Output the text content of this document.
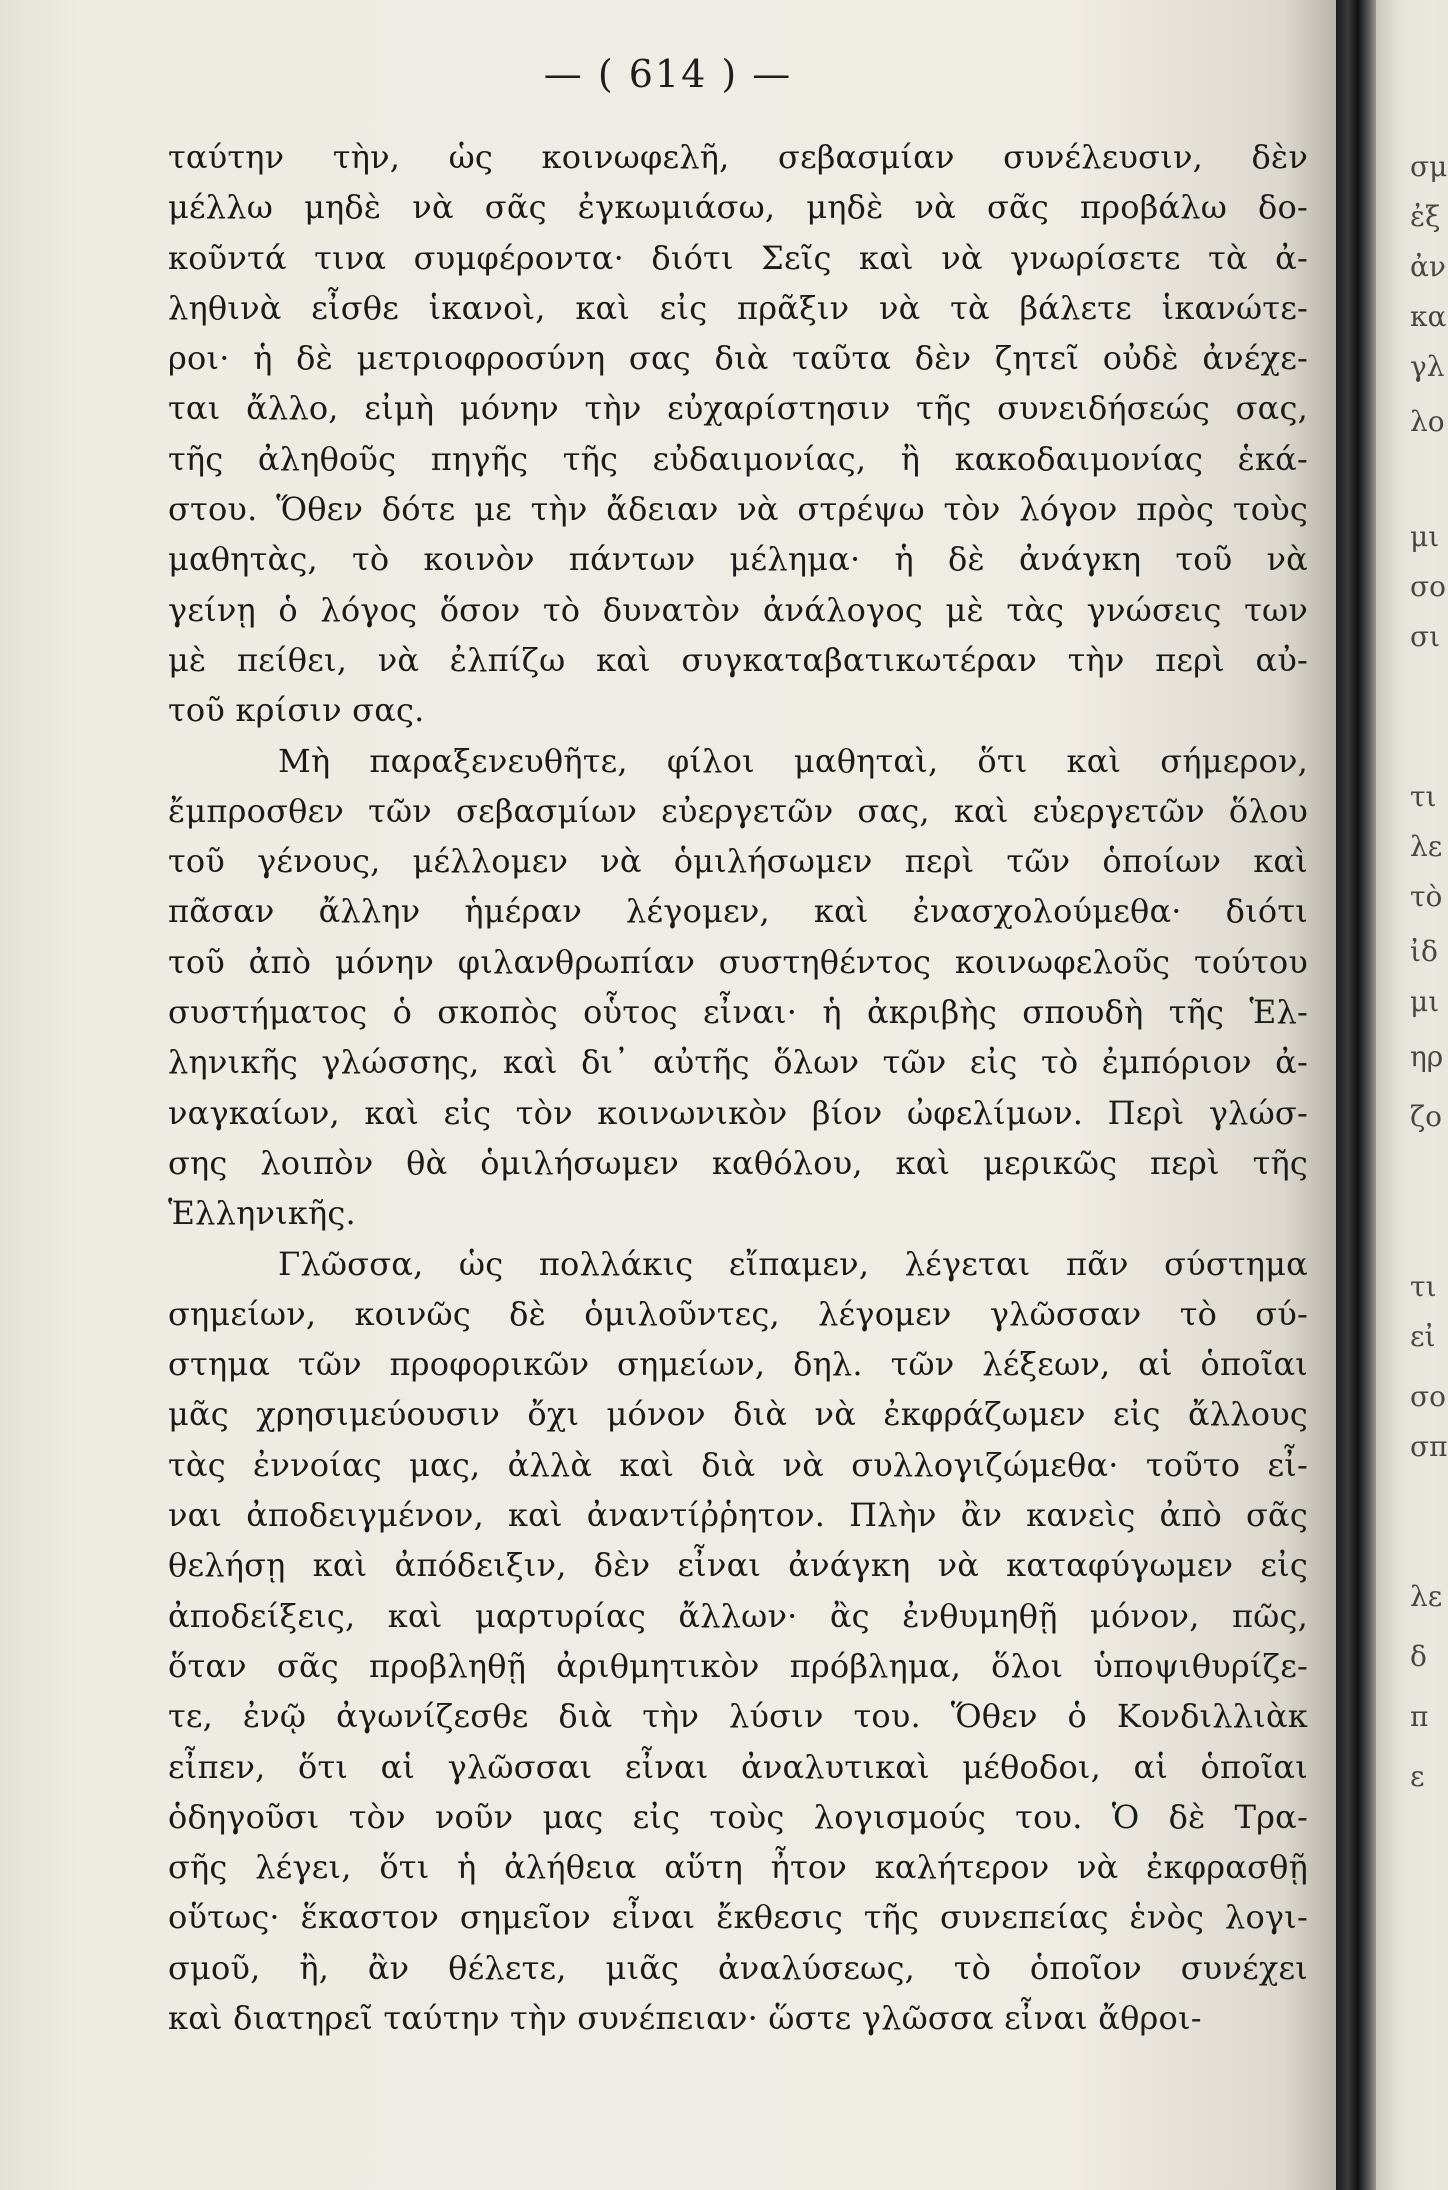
— ( 614 ) —
ταύτην τὴν, ὡς κοινωφελῆ, σεβασμίαν συνέλευσιν, δὲν
μέλλω μηδὲ νὰ σᾶς ἐγκωμιάσω, μηδὲ νὰ σᾶς προβάλω δο-
κοῦντά τινα συμφέροντα· διότι Σεῖς καὶ νὰ γνωρίσετε τὰ ἀ-
ληθινὰ εἶσθε ἱκανοὶ, καὶ εἰς πρᾶξιν νὰ τὰ βάλετε ἱκανώτε-
ροι· ἡ δὲ μετριοφροσύνη σας διὰ ταῦτα δὲν ζητεῖ οὐδὲ ἀνέχε-
ται ἄλλο, εἰμὴ μόνην τὴν εὐχαρίστησιν τῆς συνειδήσεώς σας,
τῆς ἀληθοῦς πηγῆς τῆς εὐδαιμονίας, ἢ κακοδαιμονίας ἑκά-
στου. Ὅθεν δότε με τὴν ἄδειαν νὰ στρέψω τὸν λόγον πρὸς τοὺς
μαθητὰς, τὸ κοινὸν πάντων μέλημα· ἡ δὲ ἀνάγκη τοῦ νὰ
γείνῃ ὁ λόγος ὅσον τὸ δυνατὸν ἀνάλογος μὲ τὰς γνώσεις των
μὲ πείθει, νὰ ἐλπίζω καὶ συγκαταβατικωτέραν τὴν περὶ αὐ-
τοῦ κρίσιν σας.
Μὴ παραξενευθῆτε, φίλοι μαθηταὶ, ὅτι καὶ σήμερον,
ἔμπροσθεν τῶν σεβασμίων εὐεργετῶν σας, καὶ εὐεργετῶν ὅλου
τοῦ γένους, μέλλομεν νὰ ὁμιλήσωμεν περὶ τῶν ὁποίων καὶ
πᾶσαν ἄλλην ἡμέραν λέγομεν, καὶ ἐνασχολούμεθα· διότι
τοῦ ἀπὸ μόνην φιλανθρωπίαν συστηθέντος κοινωφελοῦς τούτου
συστήματος ὁ σκοπὸς οὗτος εἶναι· ἡ ἀκριβὴς σπουδὴ τῆς Ἑλ-
ληνικῆς γλώσσης, καὶ δι᾽ αὐτῆς ὅλων τῶν εἰς τὸ ἐμπόριον ἀ-
ναγκαίων, καὶ εἰς τὸν κοινωνικὸν βίον ὠφελίμων. Περὶ γλώσ-
σης λοιπὸν θὰ ὁμιλήσωμεν καθόλου, καὶ μερικῶς περὶ τῆς
Ἑλληνικῆς.
Γλῶσσα, ὡς πολλάκις εἴπαμεν, λέγεται πᾶν σύστημα
σημείων, κοινῶς δὲ ὁμιλοῦντες, λέγομεν γλῶσσαν τὸ σύ-
στημα τῶν προφορικῶν σημείων, δηλ. τῶν λέξεων, αἱ ὁποῖαι
μᾶς χρησιμεύουσιν ὄχι μόνον διὰ νὰ ἐκφράζωμεν εἰς ἄλλους
τὰς ἐννοίας μας, ἀλλὰ καὶ διὰ νὰ συλλογιζώμεθα· τοῦτο εἶ-
ναι ἀποδειγμένον, καὶ ἀναντίῤῥητον. Πλὴν ἂν κανεὶς ἀπὸ σᾶς
θελήσῃ καὶ ἀπόδειξιν, δὲν εἶναι ἀνάγκη νὰ καταφύγωμεν εἰς
ἀποδείξεις, καὶ μαρτυρίας ἄλλων· ἂς ἐνθυμηθῇ μόνον, πῶς,
ὅταν σᾶς προβληθῇ ἀριθμητικὸν πρόβλημα, ὅλοι ὑποψιθυρίζε-
τε, ἐνῷ ἀγωνίζεσθε διὰ τὴν λύσιν του. Ὅθεν ὁ Κονδιλλιὰκ
εἶπεν, ὅτι αἱ γλῶσσαι εἶναι ἀναλυτικαὶ μέθοδοι, αἱ ὁποῖαι
ὁδηγοῦσι τὸν νοῦν μας εἰς τοὺς λογισμούς του. Ὁ δὲ Τρα-
σῆς λέγει, ὅτι ἡ ἀλήθεια αὕτη ἦτον καλήτερον νὰ ἐκφρασθῇ
οὕτως· ἕκαστον σημεῖον εἶναι ἔκθεσις τῆς συνεπείας ἑνὸς λογι-
σμοῦ, ἢ, ἂν θέλετε, μιᾶς ἀναλύσεως, τὸ ὁποῖον συνέχει
καὶ διατηρεῖ ταύτην τὴν συνέπειαν· ὥστε γλῶσσα εἶναι ἄθροι-
σμ
ἐξ
ἀν
κα
γλ
λο
μι
σο
σι
τι
λε
τὸ
ἰδ
μι
ηρ
ζο
τι
εἰ
σο
σπ
λε
δ
π
ε
